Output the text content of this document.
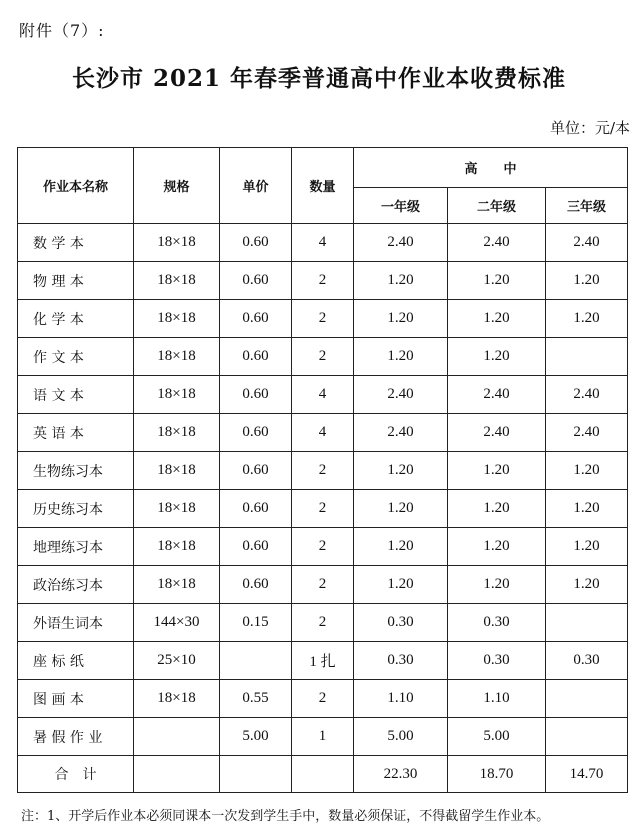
附件（7）:
长沙市 2021 年春季普通高中作业本收费标准
单位：元/本
作业本名称	规格	单价	数量	高　　中		
				一年级	二年级	三年级
数 学 本	18×18	0.60	4	2.40	2.40	2.40
物 理 本	18×18	0.60	2	1.20	1.20	1.20
化 学 本	18×18	0.60	2	1.20	1.20	1.20
作 文 本	18×18	0.60	2	1.20	1.20	
语 文 本	18×18	0.60	4	2.40	2.40	2.40
英 语 本	18×18	0.60	4	2.40	2.40	2.40
生物练习本	18×18	0.60	2	1.20	1.20	1.20
历史练习本	18×18	0.60	2	1.20	1.20	1.20
地理练习本	18×18	0.60	2	1.20	1.20	1.20
政治练习本	18×18	0.60	2	1.20	1.20	1.20
外语生词本	144×30	0.15	2	0.30	0.30	
座 标 纸	25×10		1 扎	0.30	0.30	0.30
图 画 本	18×18	0.55	2	1.10	1.10	
暑 假 作 业		5.00	1	5.00	5.00	
合　计				22.30	18.70	14.70
注：1、开学后作业本必须同课本一次发到学生手中，数量必须保证，不得截留学生作业本。
